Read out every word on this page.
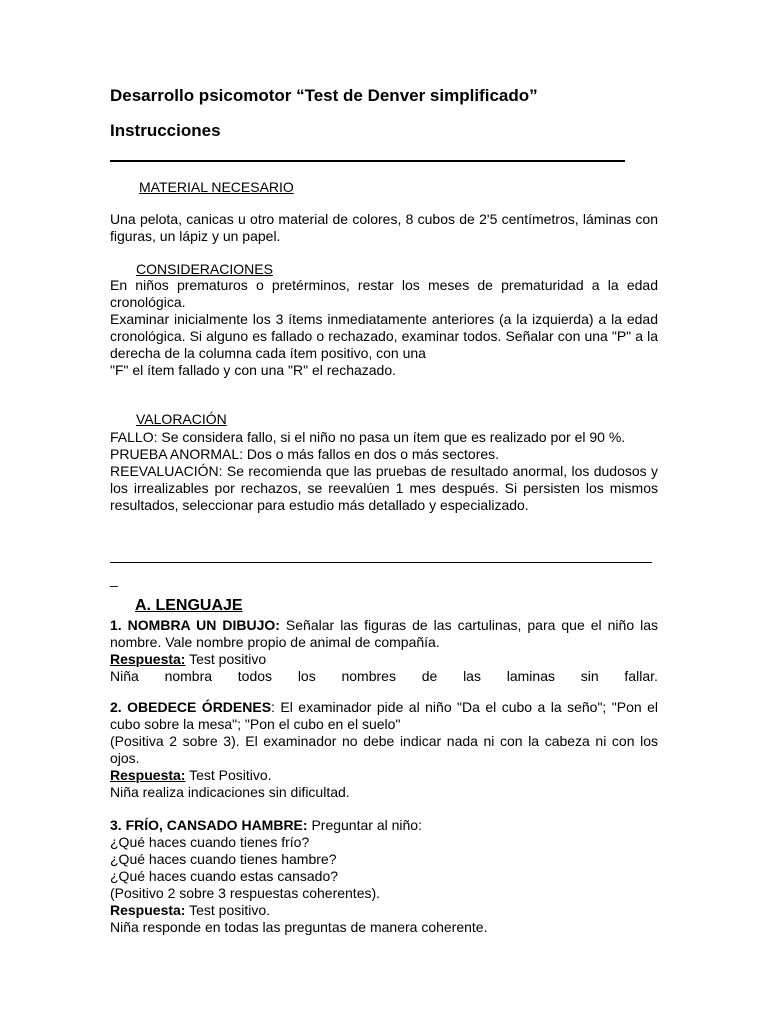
Desarrollo psicomotor “Test de Denver simplificado”
Instrucciones

MATERIAL NECESARIO

Una pelota, canicas u otro material de colores, 8 cubos de 2'5 centímetros, láminas con figuras, un lápiz y un papel.

CONSIDERACIONES

En niños prematuros o pretérminos, restar los meses de prematuridad a la edad cronológica.

Examinar inicialmente los 3 ítems inmediatamente anteriores (a la izquierda) a la edad cronológica. Si alguno es fallado o rechazado, examinar todos. Señalar con una "P" a la derecha de la columna cada ítem positivo, con una

"F" el ítem fallado y con una "R" el rechazado.

VALORACIÓN

FALLO: Se considera fallo, si el niño no pasa un ítem que es realizado por el 90 %.

PRUEBA ANORMAL: Dos o más fallos en dos o más sectores.

REEVALUACIÓN: Se recomienda que las pruebas de resultado anormal, los dudosos y los irrealizables por rechazos, se reevalúen 1 mes después. Si persisten los mismos resultados, seleccionar para estudio más detallado y especializado.

_
A. LENGUAJE

1. NOMBRA UN DIBUJO: Señalar las figuras de las cartulinas, para que el niño las nombre. Vale nombre propio de animal de compañía.

Respuesta: Test positivo

Niña nombra todos los nombres de las laminas sin fallar.

2. OBEDECE ÓRDENES: El examinador pide al niño "Da el cubo a la seño"; "Pon el cubo sobre la mesa"; "Pon el cubo en el suelo"

(Positiva 2 sobre 3). El examinador no debe indicar nada ni con la cabeza ni con los ojos.

Respuesta: Test Positivo.

Niña realiza indicaciones sin dificultad.

3. FRÍO, CANSADO HAMBRE: Preguntar al niño:

¿Qué haces cuando tienes frío?

¿Qué haces cuando tienes hambre?

¿Qué haces cuando estas cansado?

(Positivo 2 sobre 3 respuestas coherentes).

Respuesta: Test positivo.

Niña responde en todas las preguntas de manera coherente.
